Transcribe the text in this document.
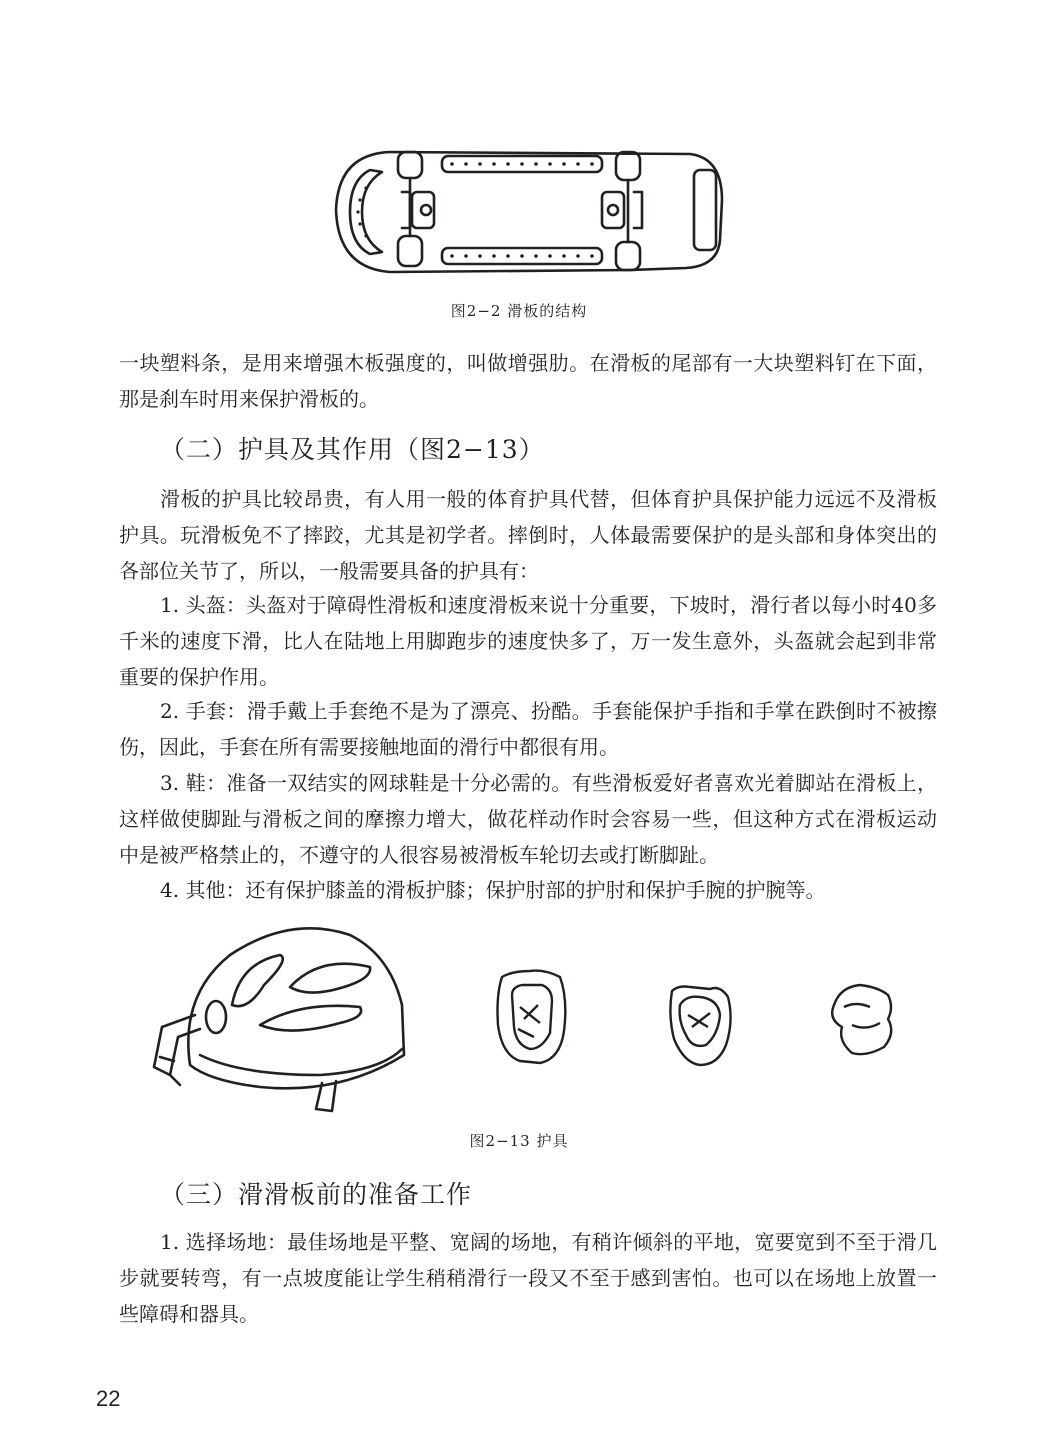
图2−2 滑板的结构
一块塑料条，是用来增强木板强度的，叫做增强肋。在滑板的尾部有一大块塑料钉在下面，那是刹车时用来保护滑板的。
（二）护具及其作用（图2−13）
滑板的护具比较昂贵，有人用一般的体育护具代替，但体育护具保护能力远远不及滑板护具。玩滑板免不了摔跤，尤其是初学者。摔倒时，人体最需要保护的是头部和身体突出的各部位关节了，所以，一般需要具备的护具有：
1. 头盔：头盔对于障碍性滑板和速度滑板来说十分重要，下坡时，滑行者以每小时40多千米的速度下滑，比人在陆地上用脚跑步的速度快多了，万一发生意外，头盔就会起到非常重要的保护作用。
2. 手套：滑手戴上手套绝不是为了漂亮、扮酷。手套能保护手指和手掌在跌倒时不被擦伤，因此，手套在所有需要接触地面的滑行中都很有用。
3. 鞋：准备一双结实的网球鞋是十分必需的。有些滑板爱好者喜欢光着脚站在滑板上，这样做使脚趾与滑板之间的摩擦力增大，做花样动作时会容易一些，但这种方式在滑板运动中是被严格禁止的，不遵守的人很容易被滑板车轮切去或打断脚趾。
4. 其他：还有保护膝盖的滑板护膝；保护肘部的护肘和保护手腕的护腕等。
图2−13 护具
（三）滑滑板前的准备工作
1. 选择场地：最佳场地是平整、宽阔的场地，有稍许倾斜的平地，宽要宽到不至于滑几步就要转弯，有一点坡度能让学生稍稍滑行一段又不至于感到害怕。也可以在场地上放置一些障碍和器具。
22
